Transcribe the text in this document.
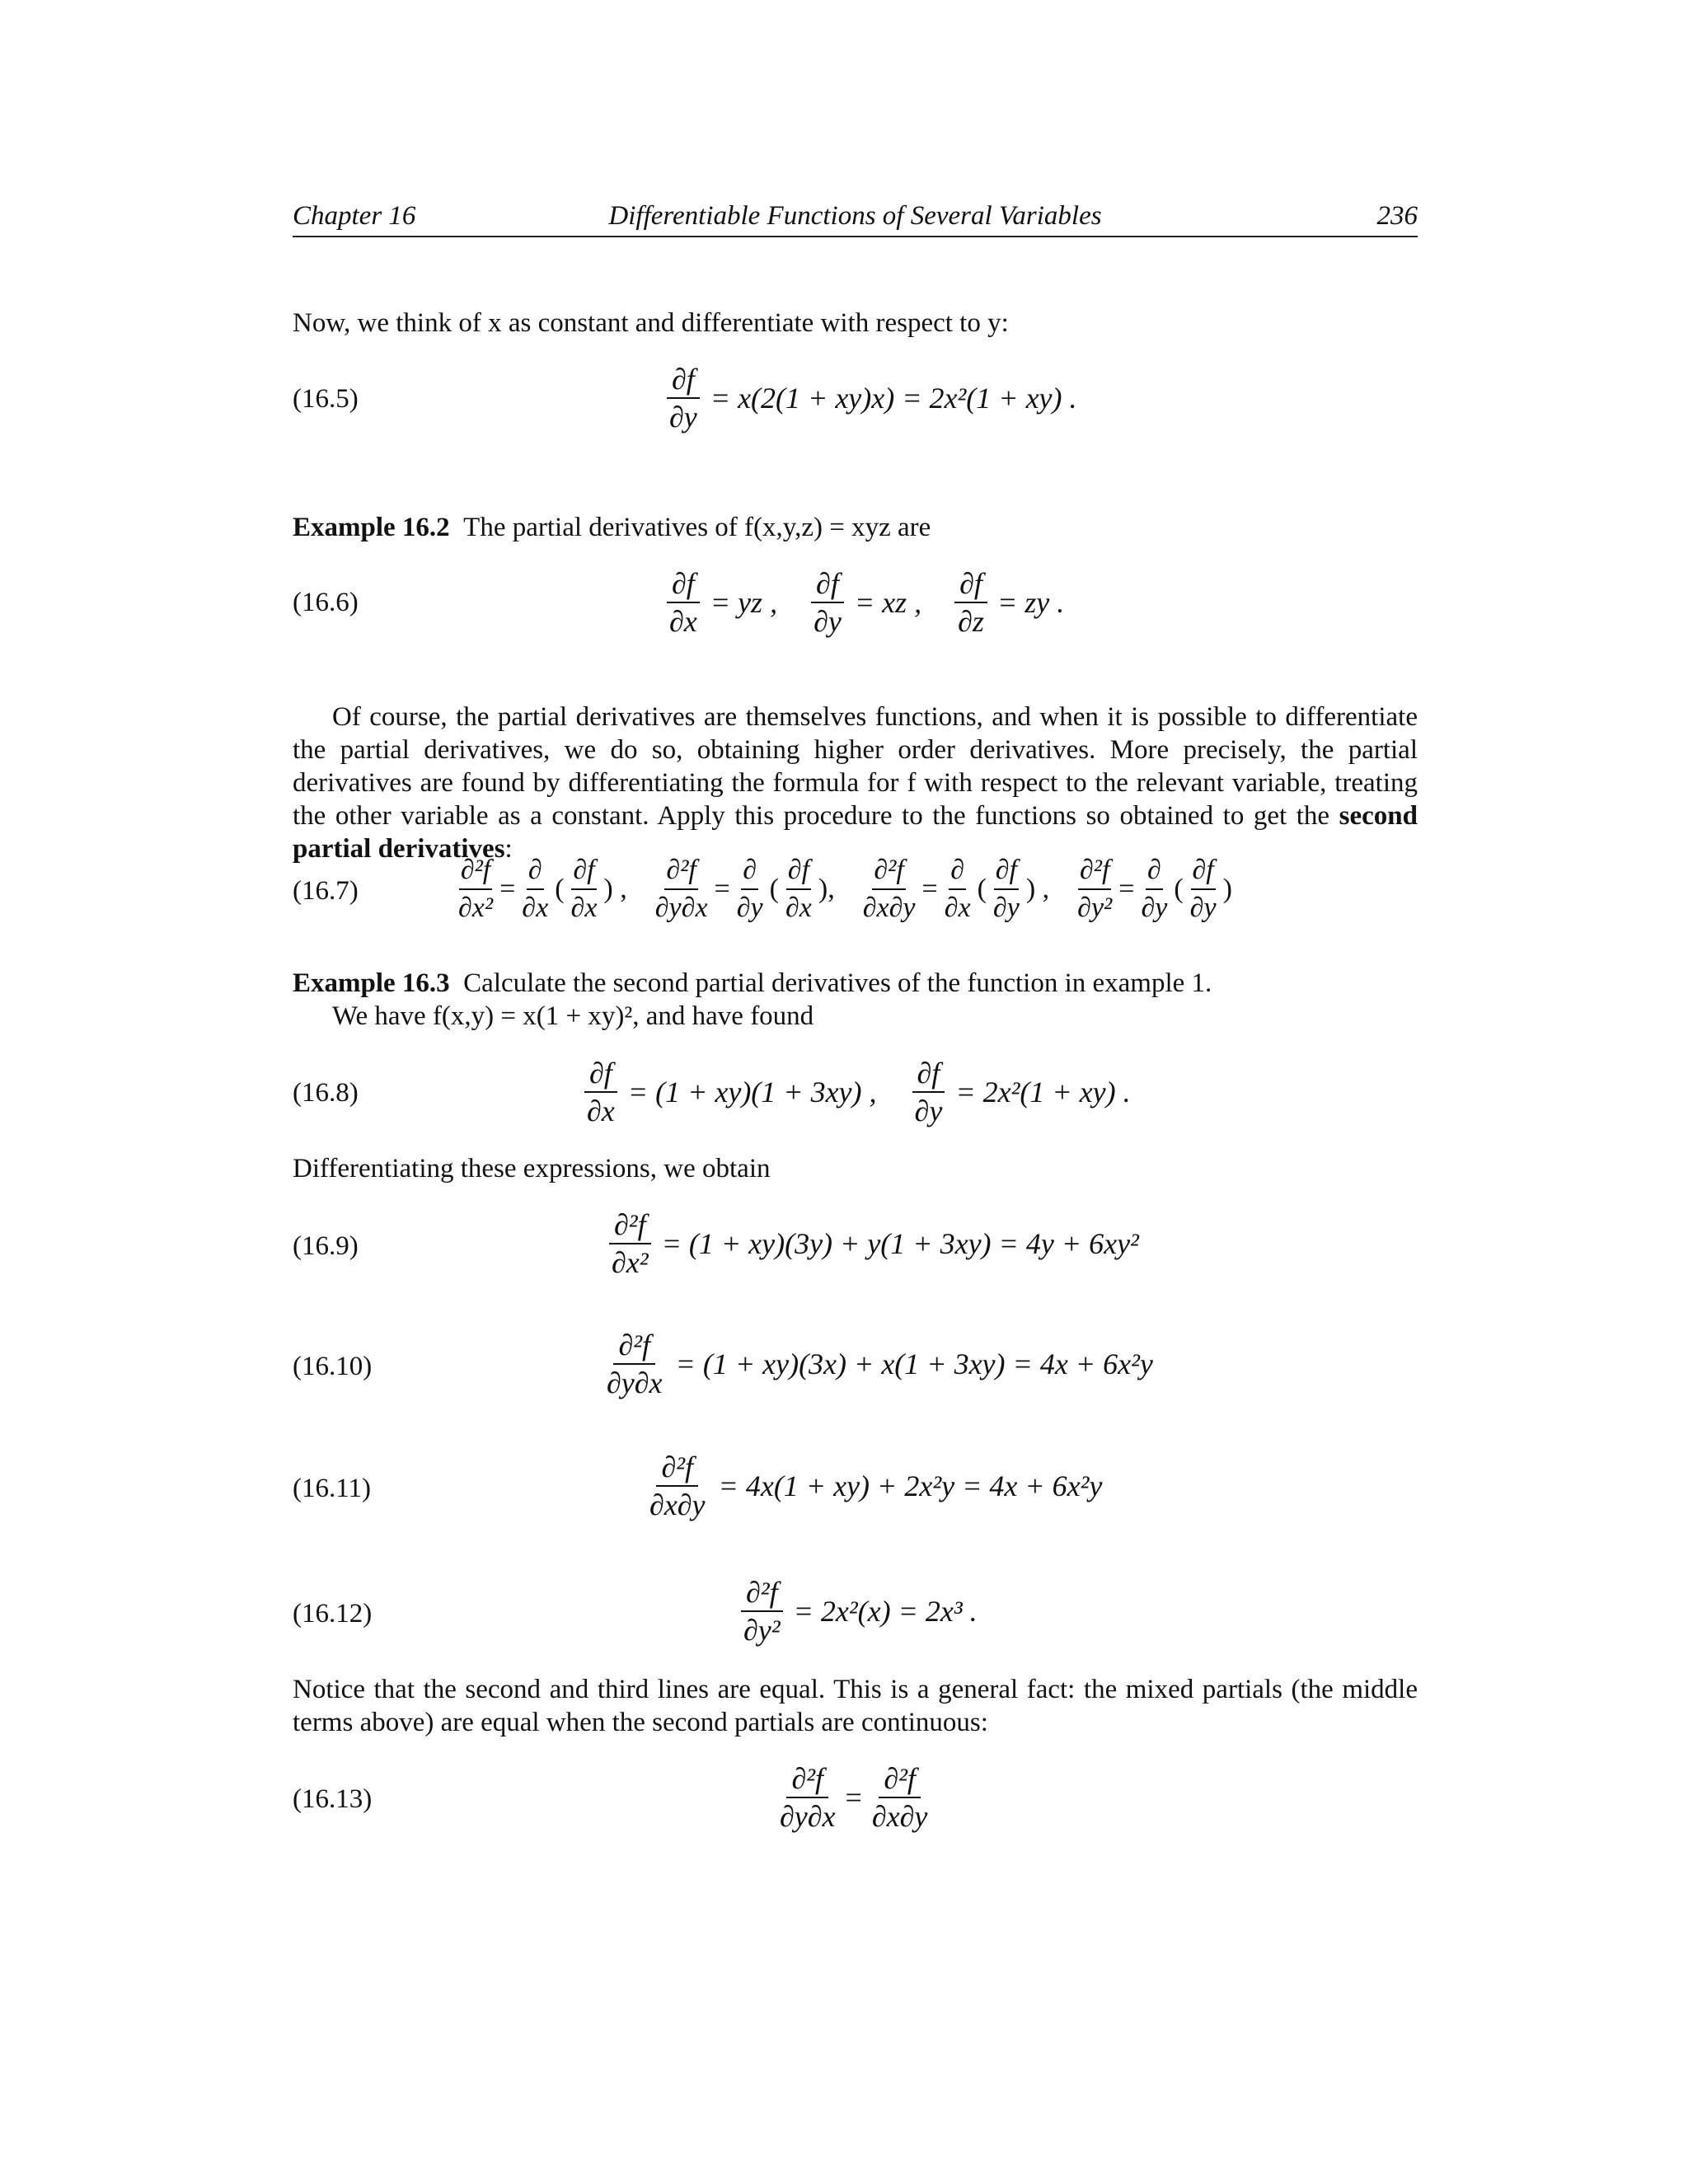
Chapter 16	Differentiable Functions of Several Variables	236
Now, we think of x as constant and differentiate with respect to y:
(16.5)	$\frac{\partial f}{\partial y} = x(2(1 + xy)x) = 2x^2(1 + xy)$ .
Example 16.2 The partial derivatives of f(x,y,z) = xyz are
(16.6)	$\frac{\partial f}{\partial x}$ = yz , $\frac{\partial f}{\partial y}$ = xz , $\frac{\partial f}{\partial z}$ = zy .
Of course, the partial derivatives are themselves functions, and when it is possible to differentiate the partial derivatives, we do so, obtaining higher order derivatives. More precisely, the partial derivatives are found by differentiating the formula for f with respect to the relevant variable, treating the other variable as a constant. Apply this procedure to the functions so obtained to get the second partial derivatives:
(16.7)	$\frac{\text{∂²f}}{\text{∂x²}} = \frac{\partial}{\partial x}$ ( $\frac{\partial f}{\partial x}$ ) , $\frac{\text{∂²f}}{\partial y\partial x} = \frac{\partial}{\partial y}$ ( $\frac{\partial f}{\partial x}$ ), $\frac{\text{∂²f}}{\partial x\partial y} = \frac{\partial}{\partial x}$ ( $\frac{\partial f}{\partial y}$ ) , $\frac{\text{∂²f}}{\text{∂y²}} = \frac{\partial}{\partial y}$ ( $\frac{\partial f}{\partial y}$ )
Example 16.3 Calculate the second partial derivatives of the function in example 1.
We have f(x,y) = x(1 + xy)², and have found
(16.8)	$\frac{\partial f}{\partial x} = (1 + xy)(1 + 3xy)$ , $\frac{\partial f}{\partial y} = 2x^2(1 + xy)$ .
Differentiating these expressions, we obtain
(16.9)	$\frac{\text{∂²f}}{\text{∂x²}} = (1 + xy)(3y) + y(1 + 3xy) = 4y + 6xy^2$
(16.10)	$\frac{\text{∂²f}}{\partial y\partial x} = (1 + xy)(3x) + x(1 + 3xy) = 4x + 6x^2y$
(16.11)	$\frac{\text{∂²f}}{\partial x\partial y} = 4x(1 + xy) + 2x^2y = 4x + 6x^2y$
(16.12)	$\frac{\text{∂²f}}{\text{∂y²}} = 2x^2(x) = 2x^3$ .
Notice that the second and third lines are equal. This is a general fact: the mixed partials (the middle terms above) are equal when the second partials are continuous:
(16.13)	$\frac{\text{∂²f}}{\partial y\partial x} = \frac{\text{∂²f}}{\partial x\partial y}$
